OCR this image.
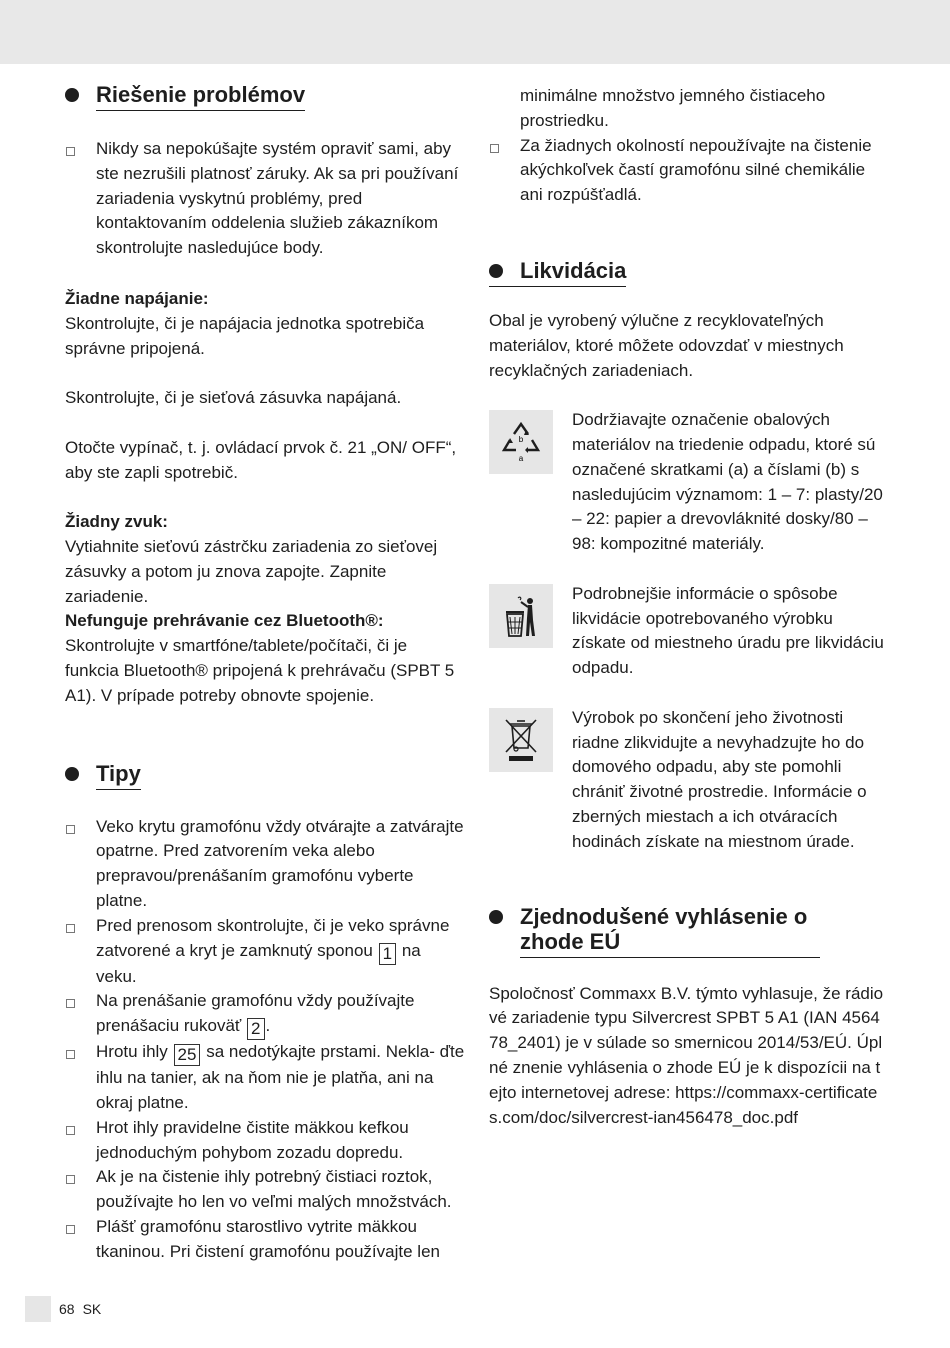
Riešenie problémov
Nikdy sa nepokúšajte systém opraviť sami, aby ste nezrušili platnosť záruky. Ak sa pri používaní zariadenia vyskytnú problémy, pred kontaktovaním oddelenia služieb zákazníkom skontrolujte nasledujúce body.
Žiadne napájanie:
Skontrolujte, či je napájacia jednotka spotrebiča správne pripojená.
Skontrolujte, či je sieťová zásuvka napájaná.
Otočte vypínač, t. j. ovládací prvok č. 21 „ON/ OFF“, aby ste zapli spotrebič.
Žiadny zvuk:
Vytiahnite sieťovú zástrčku zariadenia zo sieťovej zásuvky a potom ju znova zapojte. Zapnite zariadenie.
Nefunguje prehrávanie cez Bluetooth®:
Skontrolujte v smartfóne/tablete/počítači, či je funkcia Bluetooth® pripojená k prehrávaču (SPBT 5 A1). V prípade potreby obnovte spojenie.
Tipy
Veko krytu gramofónu vždy otvárajte a zatvárajte opatrne. Pred zatvorením veka alebo prepravou/prenášaním gramofónu vyberte platne.
Pred prenosom skontrolujte, či je veko správne zatvorené a kryt je zamknutý sponou 1 na veku.
Na prenášanie gramofónu vždy používajte prenášaciu rukoväť 2 .
Hrotu ihly 25 sa nedotýkajte prstami. Nekla- ďte ihlu na tanier, ak na ňom nie je platňa, ani na okraj platne.
Hrot ihly pravidelne čistite mäkkou kefkou jednoduchým pohybom zozadu dopredu.
Ak je na čistenie ihly potrebný čistiaci roztok, používajte ho len vo veľmi malých množstvách.
Plášť gramofónu starostlivo vytrite mäkkou tkaninou. Pri čistení gramofónu používajte len
minimálne množstvo jemného čistiaceho prostriedku.
Za žiadnych okolností nepoužívajte na čistenie akýchkoľvek častí gramofónu silné chemikálie ani rozpúšťadlá.
Likvidácia
Obal je vyrobený výlučne z recyklovateľných materiálov, ktoré môžete odovzdať v miestnych recyklačných zariadeniach.
b
a
Dodržiavajte označenie obalových materiálov na triedenie odpadu, ktoré sú označené skratkami (a) a číslami (b) s nasledujúcim významom: 1 – 7: plasty/20 – 22: papier a drevovláknité dosky/80 – 98: kompozitné materiály.
Podrobnejšie informácie o spôsobe likvidácie opotrebovaného výrobku získate od miestneho úradu pre likvidáciu odpadu.
Výrobok po skončení jeho životnosti riadne zlikvidujte a nevyhadzujte ho do domového odpadu, aby ste pomohli chrániť životné prostredie. Informácie o zberných miestach a ich otváracích hodinách získate na miestnom úrade.
Zjednodušené vyhlásenie o zhode EÚ
Spoločnosť Commaxx B.V. týmto vyhlasuje, že rádiové zariadenie typu Silvercrest SPBT 5 A1 (IAN 456478_2401) je v súlade so smernicou 2014/53/EÚ. Úplné znenie vyhlásenia o zhode EÚ je k dispozícii na tejto internetovej adrese: https://commaxx-certificates.com/doc/silvercrest-ian456478_doc.pdf
68 SK
